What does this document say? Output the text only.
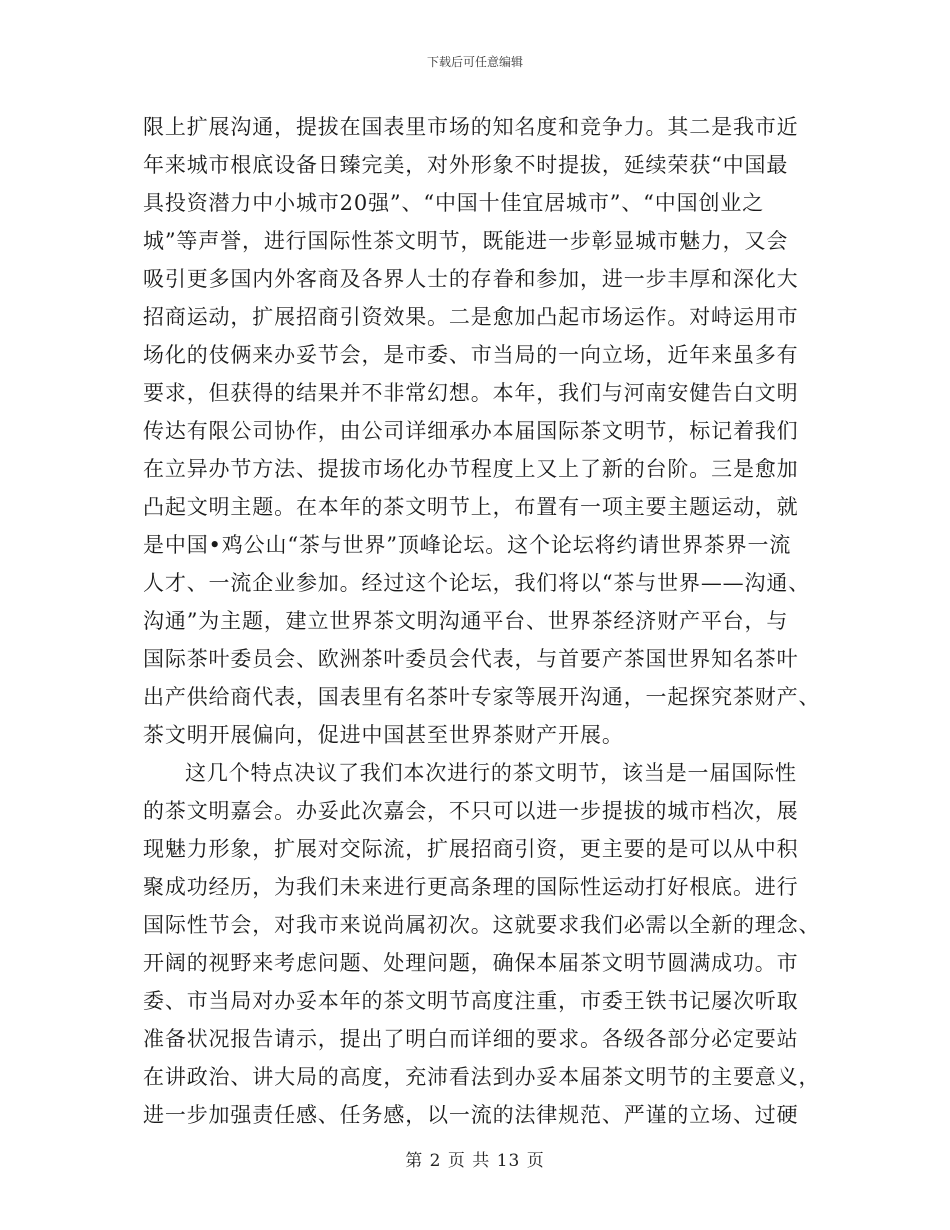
下载后可任意编辑
限上扩展沟通，提拔在国表里市场的知名度和竞争力。其二是我市近
年来城市根底设备日臻完美，对外形象不时提拔，延续荣获“中国最
具投资潜力中小城市20强”、“中国十佳宜居城市”、“中国创业之
城”等声誉，进行国际性茶文明节，既能进一步彰显城市魅力，又会
吸引更多国内外客商及各界人士的存眷和参加，进一步丰厚和深化大
招商运动，扩展招商引资效果。二是愈加凸起市场运作。对峙运用市
场化的伎俩来办妥节会，是市委、市当局的一向立场，近年来虽多有
要求，但获得的结果并不非常幻想。本年，我们与河南安健告白文明
传达有限公司协作，由公司详细承办本届国际茶文明节，标记着我们
在立异办节方法、提拔市场化办节程度上又上了新的台阶。三是愈加
凸起文明主题。在本年的茶文明节上，布置有一项主要主题运动，就
是中国•鸡公山“茶与世界”顶峰论坛。这个论坛将约请世界茶界一流
人才、一流企业参加。经过这个论坛，我们将以“茶与世界——沟通、
沟通”为主题，建立世界茶文明沟通平台、世界茶经济财产平台，与
国际茶叶委员会、欧洲茶叶委员会代表，与首要产茶国世界知名茶叶
出产供给商代表，国表里有名茶叶专家等展开沟通，一起探究茶财产、
茶文明开展偏向，促进中国甚至世界茶财产开展。
这几个特点决议了我们本次进行的茶文明节，该当是一届国际性
的茶文明嘉会。办妥此次嘉会，不只可以进一步提拔的城市档次，展
现魅力形象，扩展对交际流，扩展招商引资，更主要的是可以从中积
聚成功经历，为我们未来进行更高条理的国际性运动打好根底。进行
国际性节会，对我市来说尚属初次。这就要求我们必需以全新的理念、
开阔的视野来考虑问题、处理问题，确保本届茶文明节圆满成功。市
委、市当局对办妥本年的茶文明节高度注重，市委王铁书记屡次听取
准备状况报告请示，提出了明白而详细的要求。各级各部分必定要站
在讲政治、讲大局的高度，充沛看法到办妥本届茶文明节的主要意义，
进一步加强责任感、任务感，以一流的法律规范、严谨的立场、过硬
第 2 页 共 13 页
